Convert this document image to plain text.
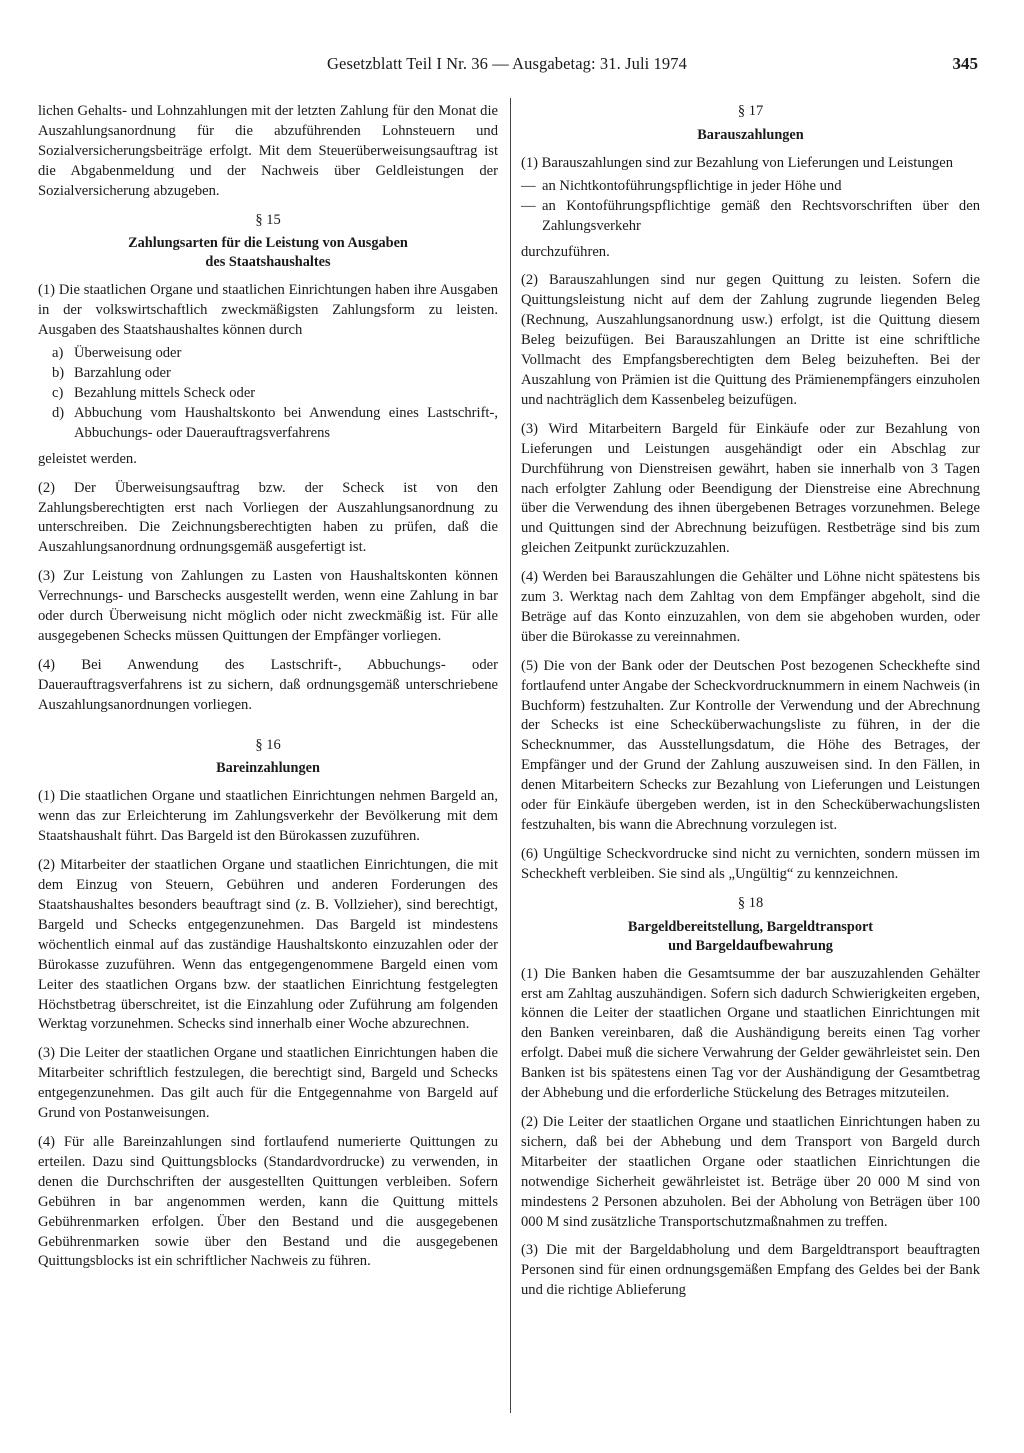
Gesetzblatt Teil I Nr. 36 — Ausgabetag: 31. Juli 1974	345

lichen Gehalts- und Lohnzahlungen mit der letzten Zahlung für den Monat die Auszahlungsanordnung für die abzuführenden Lohnsteuern und Sozialversicherungsbeiträge erfolgt. Mit dem Steuerüberweisungsauftrag ist die Abgabenmeldung und der Nachweis über Geldleistungen der Sozialversicherung abzugeben.

§ 15
Zahlungsarten für die Leistung von Ausgaben
des Staatshaushaltes

(1) Die staatlichen Organe und staatlichen Einrichtungen haben ihre Ausgaben in der volkswirtschaftlich zweckmäßigsten Zahlungsform zu leisten. Ausgaben des Staatshaushaltes können durch

a) Überweisung oder
b) Barzahlung oder
c) Bezahlung mittels Scheck oder
d) Abbuchung vom Haushaltskonto bei Anwendung eines Lastschrift-, Abbuchungs- oder Dauerauftragsverfahrens

geleistet werden.

(2) Der Überweisungsauftrag bzw. der Scheck ist von den Zahlungsberechtigten erst nach Vorliegen der Auszahlungsanordnung zu unterschreiben. Die Zeichnungsberechtigten haben zu prüfen, daß die Auszahlungsanordnung ordnungsgemäß ausgefertigt ist.

(3) Zur Leistung von Zahlungen zu Lasten von Haushaltskonten können Verrechnungs- und Barschecks ausgestellt werden, wenn eine Zahlung in bar oder durch Überweisung nicht möglich oder nicht zweckmäßig ist. Für alle ausgegebenen Schecks müssen Quittungen der Empfänger vorliegen.

(4) Bei Anwendung des Lastschrift-, Abbuchungs- oder Dauerauftragsverfahrens ist zu sichern, daß ordnungsgemäß unterschriebene Auszahlungsanordnungen vorliegen.

§ 16
Bareinzahlungen

(1) Die staatlichen Organe und staatlichen Einrichtungen nehmen Bargeld an, wenn das zur Erleichterung im Zahlungsverkehr der Bevölkerung mit dem Staatshaushalt führt. Das Bargeld ist den Bürokassen zuzuführen.

(2) Mitarbeiter der staatlichen Organe und staatlichen Einrichtungen, die mit dem Einzug von Steuern, Gebühren und anderen Forderungen des Staatshaushaltes besonders beauftragt sind (z. B. Vollzieher), sind berechtigt, Bargeld und Schecks entgegenzunehmen. Das Bargeld ist mindestens wöchentlich einmal auf das zuständige Haushaltskonto einzuzahlen oder der Bürokasse zuzuführen. Wenn das entgegengenommene Bargeld einen vom Leiter des staatlichen Organs bzw. der staatlichen Einrichtung festgelegten Höchstbetrag überschreitet, ist die Einzahlung oder Zuführung am folgenden Werktag vorzunehmen. Schecks sind innerhalb einer Woche abzurechnen.

(3) Die Leiter der staatlichen Organe und staatlichen Einrichtungen haben die Mitarbeiter schriftlich festzulegen, die berechtigt sind, Bargeld und Schecks entgegenzunehmen. Das gilt auch für die Entgegennahme von Bargeld auf Grund von Postanweisungen.

(4) Für alle Bareinzahlungen sind fortlaufend numerierte Quittungen zu erteilen. Dazu sind Quittungsblocks (Standardvordrucke) zu verwenden, in denen die Durchschriften der ausgestellten Quittungen verbleiben. Sofern Gebühren in bar angenommen werden, kann die Quittung mittels Gebührenmarken erfolgen. Über den Bestand und die ausgegebenen Gebührenmarken sowie über den Bestand und die ausgegebenen Quittungsblocks ist ein schriftlicher Nachweis zu führen.

§ 17
Barauszahlungen

(1) Barauszahlungen sind zur Bezahlung von Lieferungen und Leistungen

— an Nichtkontoführungspflichtige in jeder Höhe und
— an Kontoführungspflichtige gemäß den Rechtsvorschriften über den Zahlungsverkehr

durchzuführen.

(2) Barauszahlungen sind nur gegen Quittung zu leisten. Sofern die Quittungsleistung nicht auf dem der Zahlung zugrunde liegenden Beleg (Rechnung, Auszahlungsanordnung usw.) erfolgt, ist die Quittung diesem Beleg beizufügen. Bei Barauszahlungen an Dritte ist eine schriftliche Vollmacht des Empfangsberechtigten dem Beleg beizuheften. Bei der Auszahlung von Prämien ist die Quittung des Prämienempfängers einzuholen und nachträglich dem Kassenbeleg beizufügen.

(3) Wird Mitarbeitern Bargeld für Einkäufe oder zur Bezahlung von Lieferungen und Leistungen ausgehändigt oder ein Abschlag zur Durchführung von Dienstreisen gewährt, haben sie innerhalb von 3 Tagen nach erfolgter Zahlung oder Beendigung der Dienstreise eine Abrechnung über die Verwendung des ihnen übergebenen Betrages vorzunehmen. Belege und Quittungen sind der Abrechnung beizufügen. Restbeträge sind bis zum gleichen Zeitpunkt zurückzuzahlen.

(4) Werden bei Barauszahlungen die Gehälter und Löhne nicht spätestens bis zum 3. Werktag nach dem Zahltag von dem Empfänger abgeholt, sind die Beträge auf das Konto einzuzahlen, von dem sie abgehoben wurden, oder über die Bürokasse zu vereinnahmen.

(5) Die von der Bank oder der Deutschen Post bezogenen Scheckhefte sind fortlaufend unter Angabe der Scheckvordrucknummern in einem Nachweis (in Buchform) festzuhalten. Zur Kontrolle der Verwendung und der Abrechnung der Schecks ist eine Schecküberwachungsliste zu führen, in der die Schecknummer, das Ausstellungsdatum, die Höhe des Betrages, der Empfänger und der Grund der Zahlung auszuweisen sind. In den Fällen, in denen Mitarbeitern Schecks zur Bezahlung von Lieferungen und Leistungen oder für Einkäufe übergeben werden, ist in den Schecküberwachungslisten festzuhalten, bis wann die Abrechnung vorzulegen ist.

(6) Ungültige Scheckvordrucke sind nicht zu vernichten, sondern müssen im Scheckheft verbleiben. Sie sind als „Ungültig“ zu kennzeichnen.

§ 18
Bargeldbereitstellung, Bargeldtransport
und Bargeldaufbewahrung

(1) Die Banken haben die Gesamtsumme der bar auszuzahlenden Gehälter erst am Zahltag auszuhändigen. Sofern sich dadurch Schwierigkeiten ergeben, können die Leiter der staatlichen Organe und staatlichen Einrichtungen mit den Banken vereinbaren, daß die Aushändigung bereits einen Tag vorher erfolgt. Dabei muß die sichere Verwahrung der Gelder gewährleistet sein. Den Banken ist bis spätestens einen Tag vor der Aushändigung der Gesamtbetrag der Abhebung und die erforderliche Stückelung des Betrages mitzuteilen.

(2) Die Leiter der staatlichen Organe und staatlichen Einrichtungen haben zu sichern, daß bei der Abhebung und dem Transport von Bargeld durch Mitarbeiter der staatlichen Organe oder staatlichen Einrichtungen die notwendige Sicherheit gewährleistet ist. Beträge über 20 000 M sind von mindestens 2 Personen abzuholen. Bei der Abholung von Beträgen über 100 000 M sind zusätzliche Transportschutzmaßnahmen zu treffen.

(3) Die mit der Bargeldabholung und dem Bargeldtransport beauftragten Personen sind für einen ordnungsgemäßen Empfang des Geldes bei der Bank und die richtige Ablieferung
